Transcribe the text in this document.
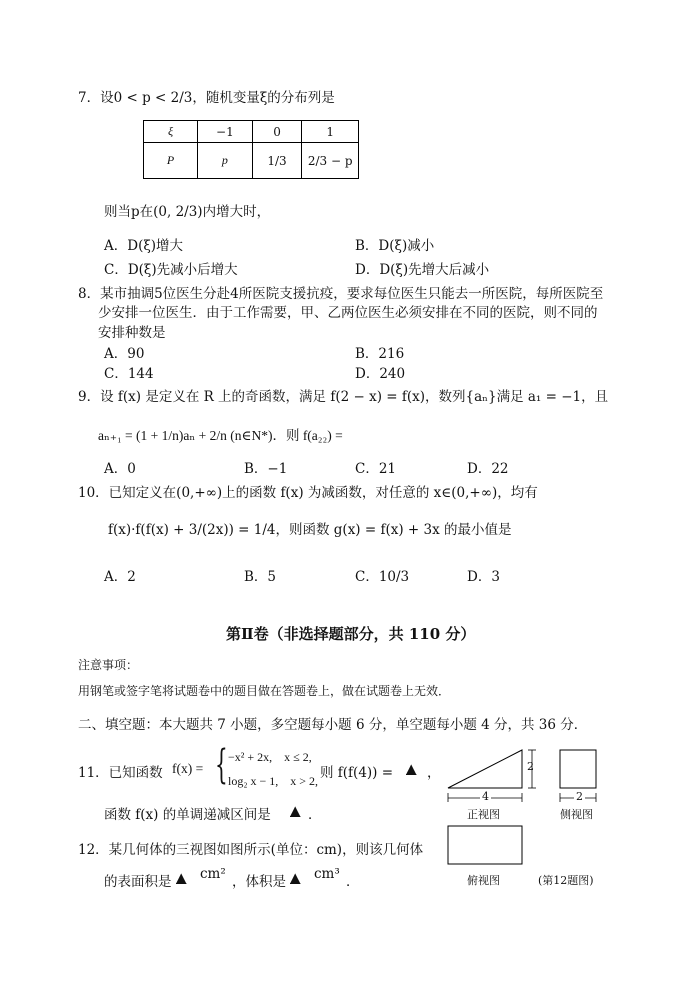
7．设0 < p < 2/3，随机变量ξ的分布列是
ξ	−1	0	1
P	p	1/3	2/3 − p
则当p在(0, 2/3)内增大时，
A．D(ξ)增大	B．D(ξ)减小
C．D(ξ)先减小后增大	D．D(ξ)先增大后减小
8．某市抽调5位医生分赴4所医院支援抗疫，要求每位医生只能去一所医院，每所医院至
少安排一位医生．由于工作需要，甲、乙两位医生必须安排在不同的医院，则不同的
安排种数是
A．90	B．216
C．144	D．240
9．设 f(x) 是定义在 R 上的奇函数，满足 f(2 − x) = f(x)，数列{aₙ}满足 a₁ = −1，且
aₙ₊₁ = (1 + 1/n)aₙ + 2/n (n∈N*)．则 f(a₂₂) =
A．0	B．−1	C．21	D．22
10．已知定义在(0,+∞)上的函数 f(x) 为减函数，对任意的 x∈(0,+∞)，均有
f(x)·f(f(x) + 3/(2x)) = 1/4，则函数 g(x) = f(x) + 3x 的最小值是
A．2	B．5	C．10/3	D．3
第Ⅱ卷（非选择题部分，共 110 分）
注意事项：
用钢笔或签字笔将试题卷中的题目做在答题卷上，做在试题卷上无效．
二、填空题：本大题共 7 小题，多空题每小题 6 分，单空题每小题 4 分，共 36 分．
11．已知函数 f(x) = { −x² + 2x,　x ≤ 2,
log₂ x − 1,　x > 2, 则 f(f(4)) = ▲ ，
函数 f(x) 的单调递减区间是 ▲ ．
12．某几何体的三视图如图所示(单位：cm)，则该几何体
的表面积是 ▲ cm² ，体积是 ▲ cm³ ．
4
2
2
正视图	侧视图
俯视图	(第12题图)
